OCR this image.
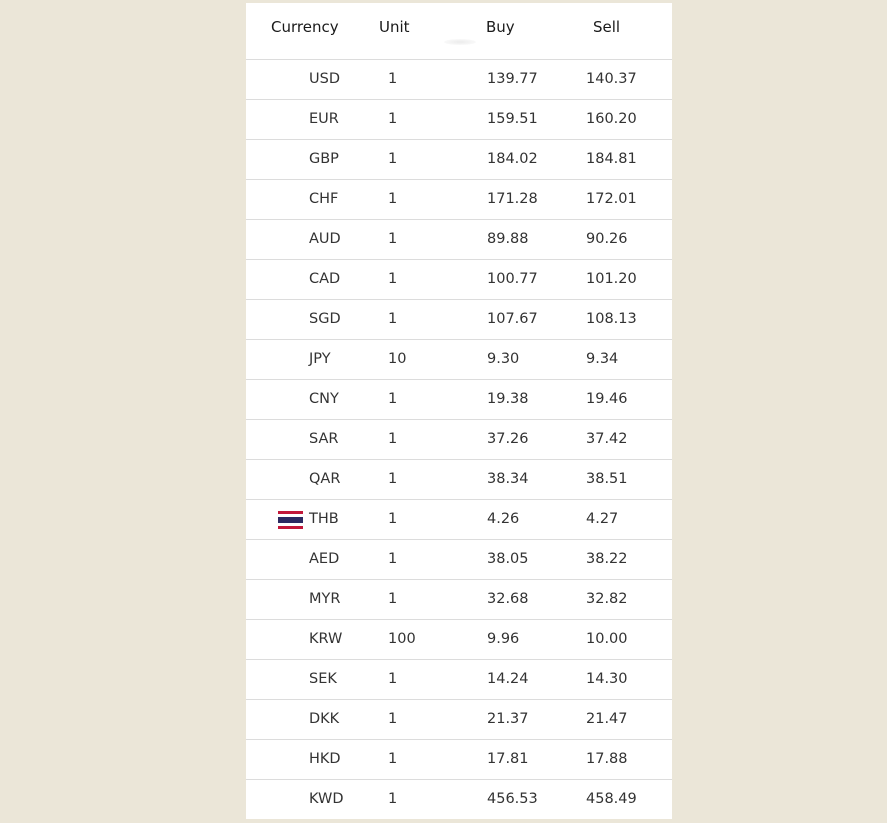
Currency	Unit	Buy	Sell
USD	1	139.77	140.37
EUR	1	159.51	160.20
GBP	1	184.02	184.81
CHF	1	171.28	172.01
AUD	1	89.88	90.26
CAD	1	100.77	101.20
SGD	1	107.67	108.13
JPY	10	9.30	9.34
CNY	1	19.38	19.46
SAR	1	37.26	37.42
QAR	1	38.34	38.51
THB	1	4.26	4.27
AED	1	38.05	38.22
MYR	1	32.68	32.82
KRW	100	9.96	10.00
SEK	1	14.24	14.30
DKK	1	21.37	21.47
HKD	1	17.81	17.88
KWD	1	456.53	458.49
